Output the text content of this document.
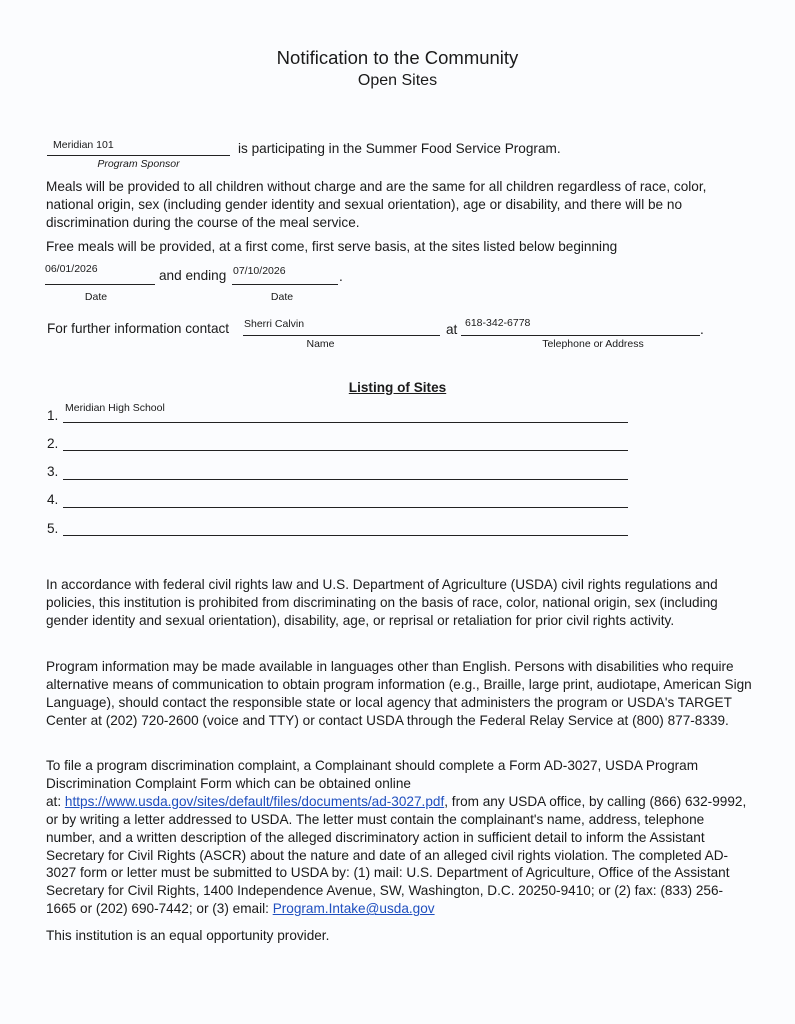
Notification to the Community
Open Sites
Meridian 101
Program Sponsor
is participating in the Summer Food Service Program.
Meals will be provided to all children without charge and are the same for all children regardless of race, color, national origin, sex (including gender identity and sexual orientation), age or disability, and there will be no discrimination during the course of the meal service.
Free meals will be provided, at a first come, first serve basis, at the sites listed below beginning
06/01/2026	and ending 07/10/2026	.
Date	Date
For further information contact Sherri Calvin	at 618-342-6778	.
Name	Telephone or Address
Listing of Sites
1. Meridian High School
2.
3.
4.
5.
In accordance with federal civil rights law and U.S. Department of Agriculture (USDA) civil rights regulations and policies, this institution is prohibited from discriminating on the basis of race, color, national origin, sex (including gender identity and sexual orientation), disability, age, or reprisal or retaliation for prior civil rights activity.
Program information may be made available in languages other than English. Persons with disabilities who require alternative means of communication to obtain program information (e.g., Braille, large print, audiotape, American Sign Language), should contact the responsible state or local agency that administers the program or USDA's TARGET Center at (202) 720-2600 (voice and TTY) or contact USDA through the Federal Relay Service at (800) 877-8339.
To file a program discrimination complaint, a Complainant should complete a Form AD-3027, USDA Program Discrimination Complaint Form which can be obtained online
at: https://www.usda.gov/sites/default/files/documents/ad-3027.pdf, from any USDA office, by calling (866) 632-9992, or by writing a letter addressed to USDA. The letter must contain the complainant's name, address, telephone number, and a written description of the alleged discriminatory action in sufficient detail to inform the Assistant Secretary for Civil Rights (ASCR) about the nature and date of an alleged civil rights violation. The completed AD-3027 form or letter must be submitted to USDA by: (1) mail: U.S. Department of Agriculture, Office of the Assistant Secretary for Civil Rights, 1400 Independence Avenue, SW, Washington, D.C. 20250-9410; or (2) fax: (833) 256-1665 or (202) 690-7442; or (3) email: Program.Intake@usda.gov
This institution is an equal opportunity provider.
